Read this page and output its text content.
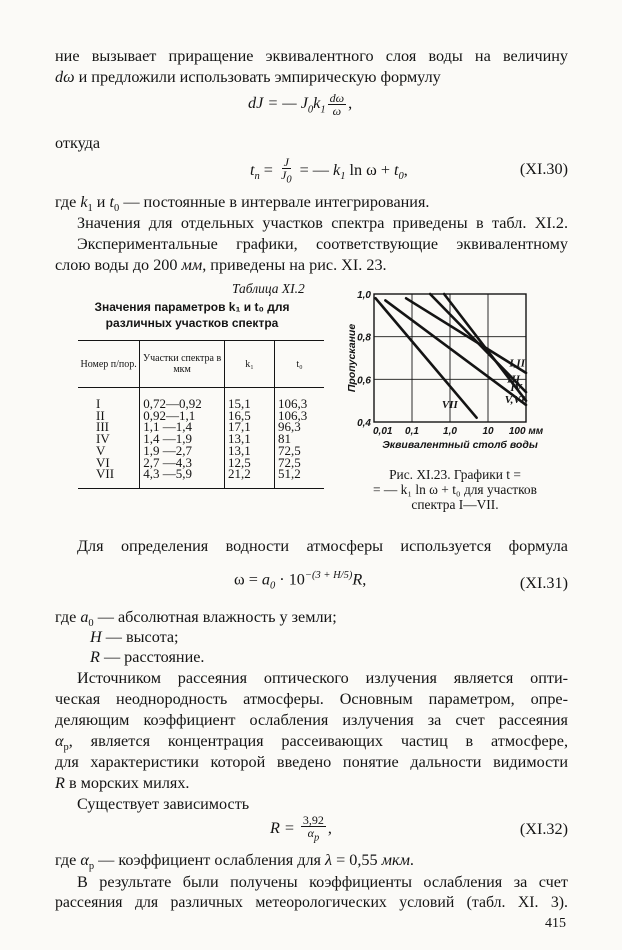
ние вызывает приращение эквивалентного слоя воды на величину
dω и предложили использовать эмпирическую формулу
dJ = — $J_0k_1 \frac{d\omega}{\omega}$ ,
откуда
$t_n = \frac{J}{J_0}$ = — $k_1$ $\ln \omega + t_0$,	(XI.30)
где $k_1$ и $t_0$ — постоянные в интервале интегрирования.
Значения для отдельных участков спектра приведены в табл. XI.2.
Экспериментальные графики, соответствующие эквивалентному
слою воды до 200 мм, приведены на рис. XI. 23.
Таблица XI.2
Значения параметров k₁ и t₀ для
различных участков спектра
Номер п/пор.	Участки спектра в мкм	k₁	t₀
I	0,72—0,92	15,1	106,3
II	0,92—1,1	16,5	106,3
III	1,1 —1,4	17,1	96,3
IV	1,4 —1,9	13,1	81
V	1,9 —2,7	13,1	72,5
VI	2,7 —4,3	12,5	72,5
VII	4,3 —5,9	21,2	51,2
0,01 0,1 1,0	10 100 мм
0,4
0,6
0,8
1,0
Эквивалентный столб воды
Пропускание	I,II
III
IV
V,VI
VII
Рис. XI.23. Графики t =
= — k₁ ln ω + t₀ для участков
спектра I—VII.
Для определения водности атмосферы используется формула
$\omega = a_0 \cdot 10^{-(3 + H/5)}R$,	(XI.31)
где $a_0$ — абсолютная влажность у земли;
H — высота;
R — расстояние.
Источником рассеяния оптического излучения является опти-
ческая неоднородность атмосферы. Основным параметром, опре-
деляющим коэффициент ослабления излучения за счет рассеяния
$\alpha_p$, является концентрация рассеивающих частиц в атмосфере,
для характеристики которой введено понятие дальности видимости
R в морских милях.
Существует зависимость
$R = \frac{3,92}{\alpha_p}$ ,	(XI.32)
где $\alpha_p$ — коэффициент ослабления для λ = 0,55 мкм.
В результате были получены коэффициенты ослабления за счет
рассеяния для различных метеорологических условий (табл. XI. 3).
415
